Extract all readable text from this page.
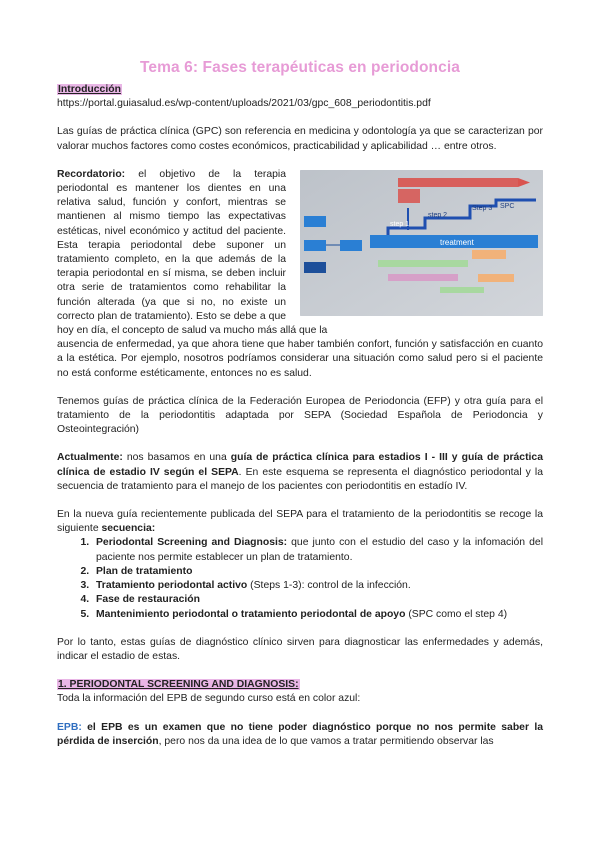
Tema 6: Fases terapéuticas en periodoncia
Introducción
https://portal.guiasalud.es/wp-content/uploads/2021/03/gpc_608_periodontitis.pdf

Las guías de práctica clínica (GPC) son referencia en medicina y odontología ya que se caracterizan por valorar muchos factores como costes económicos, practicabilidad y aplicabilidad … entre otros.

step 1
step 2
Step 3 SPC
treatment

Recordatorio: el objetivo de la terapia periodontal es mantener los dientes en una relativa salud, función y confort, mientras se mantienen al mismo tiempo las expectativas estéticas, nivel económico y actitud del paciente. Esta terapia periodontal debe suponer un tratamiento completo, en la que además de la terapia periodontal en sí misma, se deben incluir otra serie de tratamientos como rehabilitar la función alterada (ya que si no, no existe un correcto plan de tratamiento). Esto se debe a que hoy en día, el concepto de salud va mucho más allá que la

ausencia de enfermedad, ya que ahora tiene que haber también confort, función y satisfacción en cuanto a la estética. Por ejemplo, nosotros podríamos considerar una situación como salud pero si el paciente no está conforme estéticamente, entonces no es salud.

Tenemos guías de práctica clínica de la Federación Europea de Periodoncia (EFP) y otra guía para el tratamiento de la periodontitis adaptada por SEPA (Sociedad Española de Periodoncia y Osteointegración)

Actualmente: nos basamos en una guía de práctica clínica para estadios I - III y guía de práctica clínica de estadio IV según el SEPA. En este esquema se representa el diagnóstico periodontal y la secuencia de tratamiento para el manejo de los pacientes con periodontitis en estadío IV.

En la nueva guía recientemente publicada del SEPA para el tratamiento de la periodontitis se recoge la siguiente secuencia:

1. Periodontal Screening and Diagnosis: que junto con el estudio del caso y la infomación del paciente nos permite establecer un plan de tratamiento.
2. Plan de tratamiento
3. Tratamiento periodontal activo (Steps 1-3): control de la infección.
4. Fase de restauración
5. Mantenimiento periodontal o tratamiento periodontal de apoyo (SPC como el step 4)

Por lo tanto, estas guías de diagnóstico clínico sirven para diagnosticar las enfermedades y además, indicar el estadio de estas.

1. PERIODONTAL SCREENING AND DIAGNOSIS:

Toda la información del EPB de segundo curso está en color azul:

EPB: el EPB es un examen que no tiene poder diagnóstico porque no nos permite saber la pérdida de inserción, pero nos da una idea de lo que vamos a tratar permitiendo observar las
